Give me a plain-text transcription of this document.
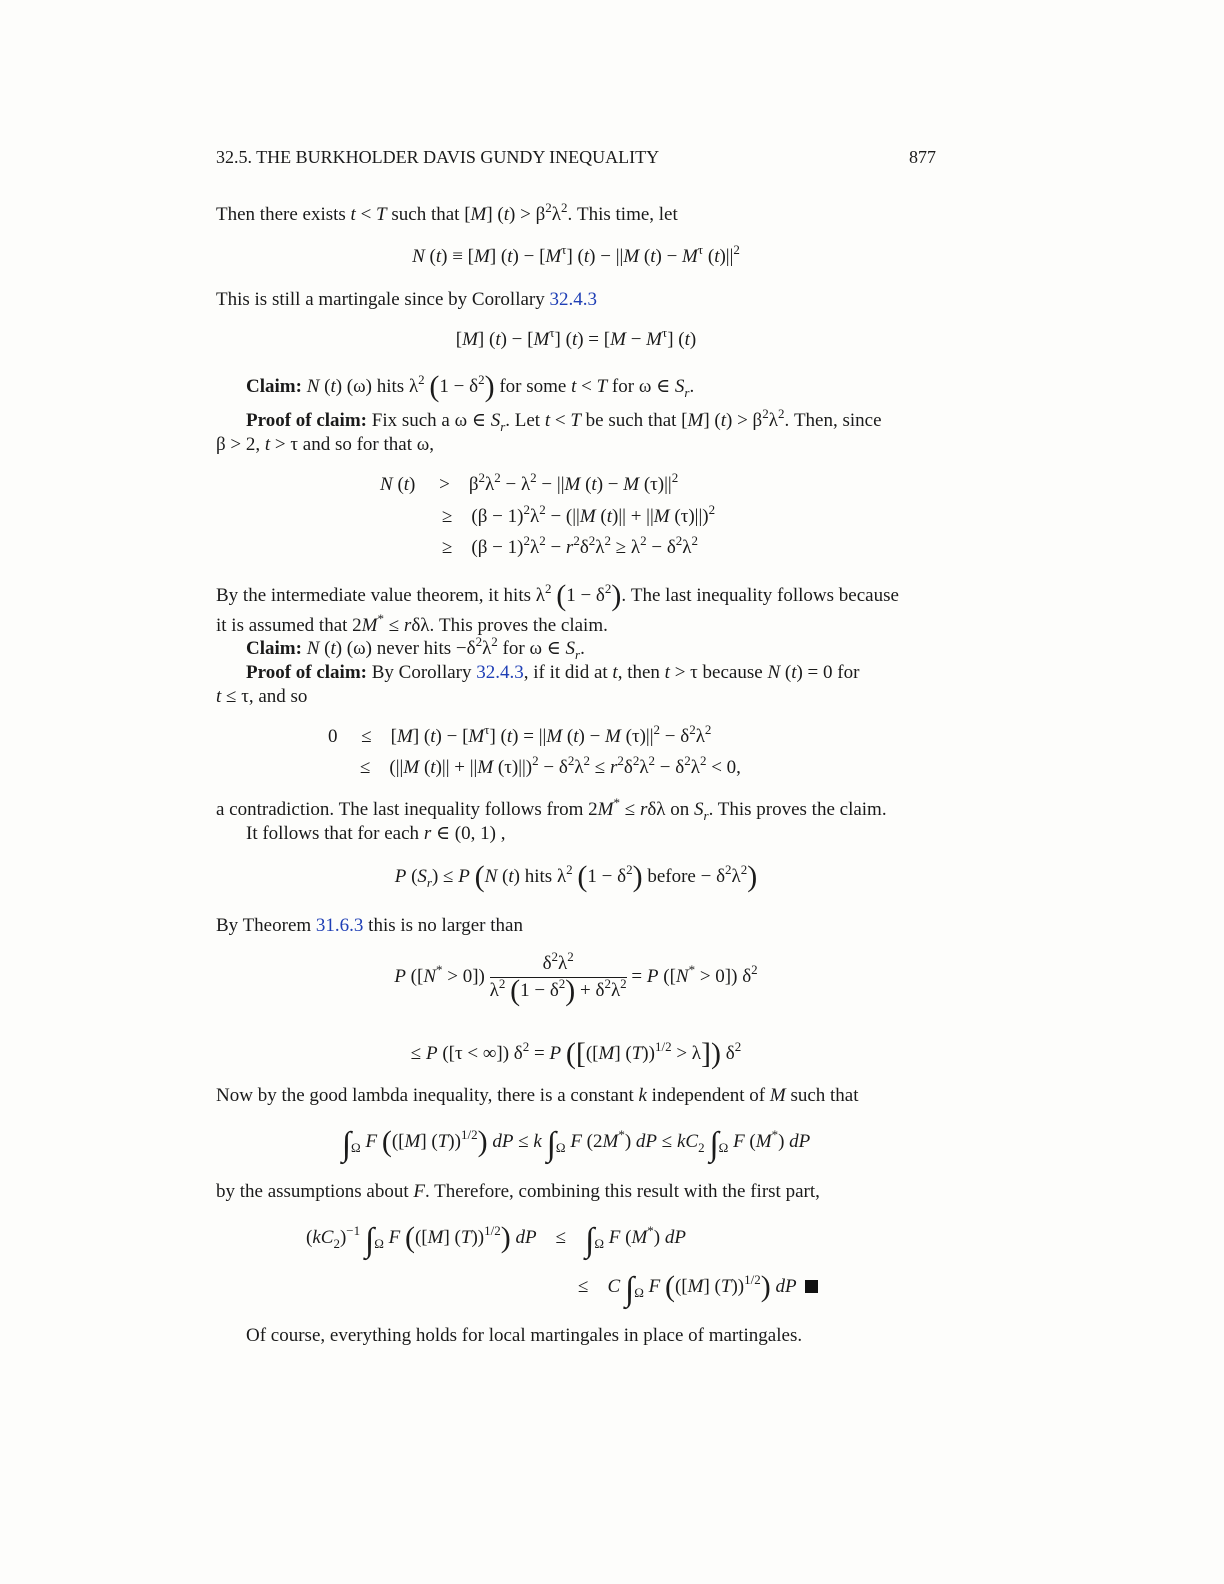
32.5. THE BURKHOLDER DAVIS GUNDY INEQUALITY	877
Then there exists t < T such that [M] $(t) > \beta^2\lambda^2$. This time, let
N (t) ≡ [M] $(t) - [M^\tau] (t) - ||M$ $(t) - M^\tau$ $(t)||^2$
This is still a martingale since by Corollary 32.4.3
[M] $(t) - [M^\tau] (t) = [M - M^\tau]$ (t)
Claim: N (t) (ω) hits $\lambda^2$ $(1 - \delta^2)$ for some t < T for ω ∈ $S_r$.
Proof of claim: Fix such a ω ∈ $S_r$. Let t < T be such that [M] $(t) > \beta^2\lambda^2$. Then, since
β > 2, t > τ and so for that ω,
N (t)     >    $\beta^2\lambda^2 - \lambda^2 - ||M$ (t) − M $(\tau)||^2$
≥    $(\beta - 1)^2\lambda^2 - (||M$ (t)|| + ||M (τ)||)$^2$
≥    $(\beta - 1)^2\lambda^2 - r^2\delta^2\lambda^2 \ge \lambda^2 - \delta^2\lambda^2$
By the intermediate value theorem, it hits $\lambda^2$ $(1 - \delta^2)$. The last inequality follows because
it is assumed that 2M* ≤ rδλ. This proves the claim.
Claim: N (t) (ω) never hits $-\delta^2\lambda^2$ for ω ∈ $S_r$.
Proof of claim: By Corollary 32.4.3, if it did at t, then t > τ because N (t) = 0 for
t ≤ τ, and so
0     ≤    [M] $(t) - [M^\tau] (t) = ||M$ (t) − M $(\tau)||^2 - \delta^2\lambda^2$
≤    (||M (t)|| + ||M $(\tau)||)^2 - \delta^2\lambda^2 \le r^2\delta^2\lambda^2 - \delta^2\lambda^2 < 0$,
a contradiction. The last inequality follows from 2M* ≤ rδλ on $S_r$. This proves the claim.
It follows that for each r ∈ (0, 1) ,
P $(S_r) \le P$ (N (t) hits $\lambda^2$ $(1 - \delta^2)$ before − $\delta^2\lambda^2$)
By Theorem 31.6.3 this is no larger than
P $([N^* > 0]) \frac{\delta^2\lambda^2}{\lambda^2 (1 - \delta^2) + \delta^2\lambda^2} = P$ ([N* > 0]) $\delta^2$
≤ P ([τ < ∞]) $\delta^2 = P$ ([([M] (T))$^{1/2}$ > λ]) $\delta^2$
Now by the good lambda inequality, there is a constant k independent of M such that
$\int_\Omega$ F (([M] (T))$^{1/2}$) dP ≤ k $\int_\Omega$ F (2M*) dP ≤ $kC_2$ $\int_\Omega$ F (M*) dP
by the assumptions about F. Therefore, combining this result with the first part,
$(kC_2)^{-1}$ $\int_\Omega$ F (([M] (T))$^{1/2}$) dP    ≤    $\int_\Omega$ F (M*) dP
≤    C $\int_\Omega$ F (([M] (T))$^{1/2}$) dP
Of course, everything holds for local martingales in place of martingales.
